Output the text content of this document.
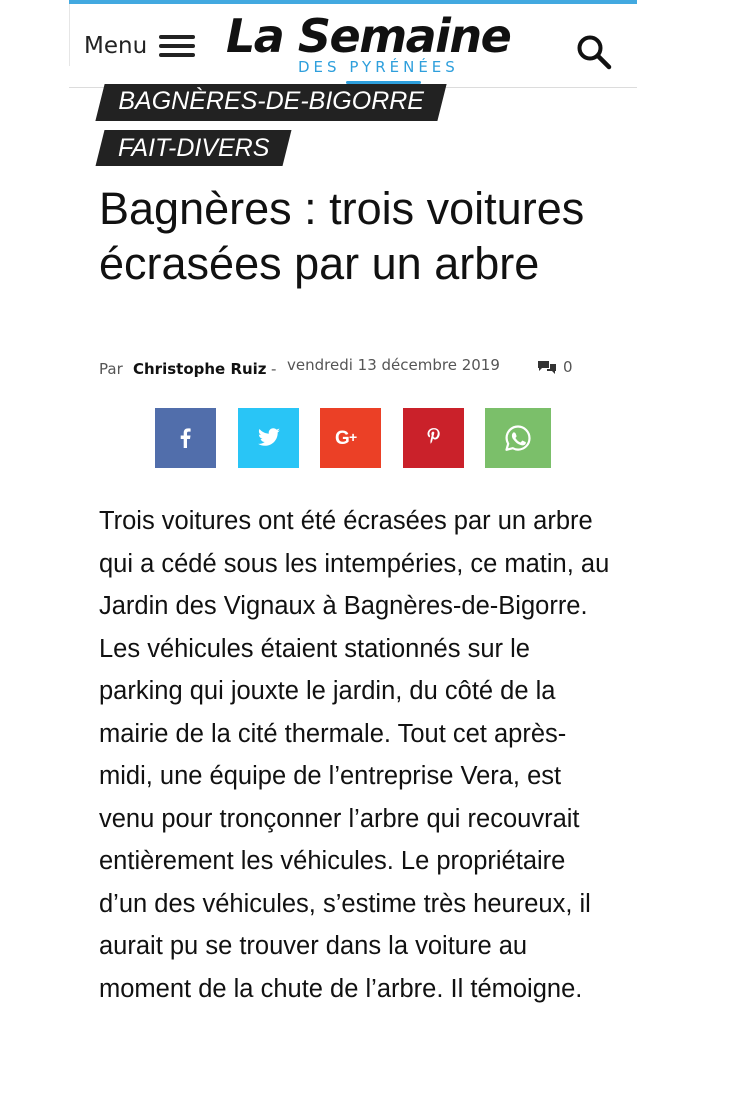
Menu La Semaine
DES PYRÉNÉES
BAGNÈRES-DE-BIGORRE
FAIT-DIVERS
Bagnères : trois voitures écrasées par un arbre
Par Christophe Ruiz - vendredi 13 décembre 2019	0
G +

Trois voitures ont été écrasées par un arbre qui a cédé sous les intempéries, ce matin, au Jardin des Vignaux à Bagnères-de-Bigorre. Les véhicules étaient stationnés sur le parking qui jouxte le jardin, du côté de la mairie de la cité thermale. Tout cet après-midi, une équipe de l’entreprise Vera, est venu pour tronçonner l’arbre qui recouvrait entièrement les véhicules. Le propriétaire d’un des véhicules, s’estime très heureux, il aurait pu se trouver dans la voiture au moment de la chute de l’arbre. Il témoigne.
